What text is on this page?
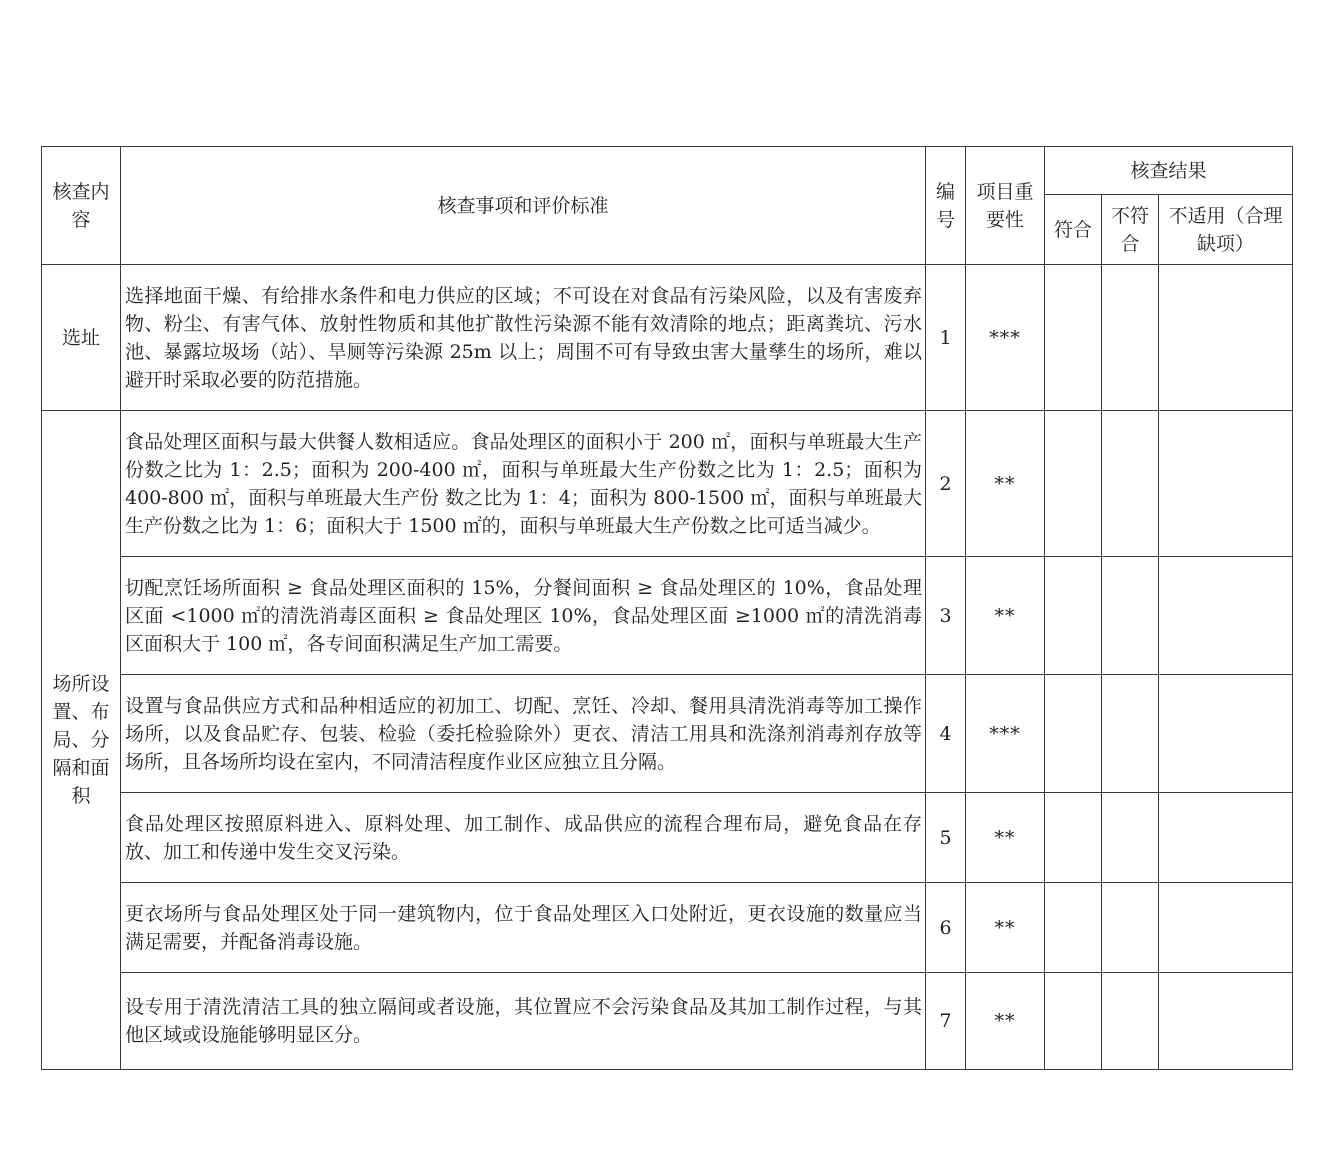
核查内容	核查事项和评价标准	编号	项目重要性	核查结果		
				符合	不符合	不适用（合理缺项）
选址	选择地面干燥、有给排水条件和电力供应的区域；不可设在对食品有污染风险，以及有害废弃物、粉尘、有害气体、放射性物质和其他扩散性污染源不能有效清除的地点；距离粪坑、污水池、暴露垃圾场（站）、旱厕等污染源 25m 以上；周围不可有导致虫害大量孳生的场所，难以避开时采取必要的防范措施。	1	***			
场所设置、布局、分隔和面积	食品处理区面积与最大供餐人数相适应。食品处理区的面积小于 200 ㎡，面积与单班最大生产份数之比为 1：2.5；面积为 200-400 ㎡，面积与单班最大生产份数之比为 1：2.5；面积为 400-800 ㎡，面积与单班最大生产份 数之比为 1：4；面积为 800-1500 ㎡，面积与单班最大生产份数之比为 1：6；面积大于 1500 ㎡的，面积与单班最大生产份数之比可适当减少。	2	**			
	切配烹饪场所面积 ≥ 食品处理区面积的 15%，分餐间面积 ≥ 食品处理区的 10%，食品处理区面 <1000 ㎡的清洗消毒区面积 ≥ 食品处理区 10%，食品处理区面 ≥1000 ㎡的清洗消毒区面积大于 100 ㎡，各专间面积满足生产加工需要。	3	**			
	设置与食品供应方式和品种相适应的初加工、切配、烹饪、冷却、餐用具清洗消毒等加工操作场所，以及食品贮存、包装、检验（委托检验除外）更衣、清洁工用具和洗涤剂消毒剂存放等场所，且各场所均设在室内，不同清洁程度作业区应独立且分隔。	4	***			
	食品处理区按照原料进入、原料处理、加工制作、成品供应的流程合理布局，避免食品在存放、加工和传递中发生交叉污染。	5	**			
	更衣场所与食品处理区处于同一建筑物内，位于食品处理区入口处附近，更衣设施的数量应当满足需要，并配备消毒设施。	6	**			
	设专用于清洗清洁工具的独立隔间或者设施，其位置应不会污染食品及其加工制作过程，与其他区域或设施能够明显区分。	7	**			
